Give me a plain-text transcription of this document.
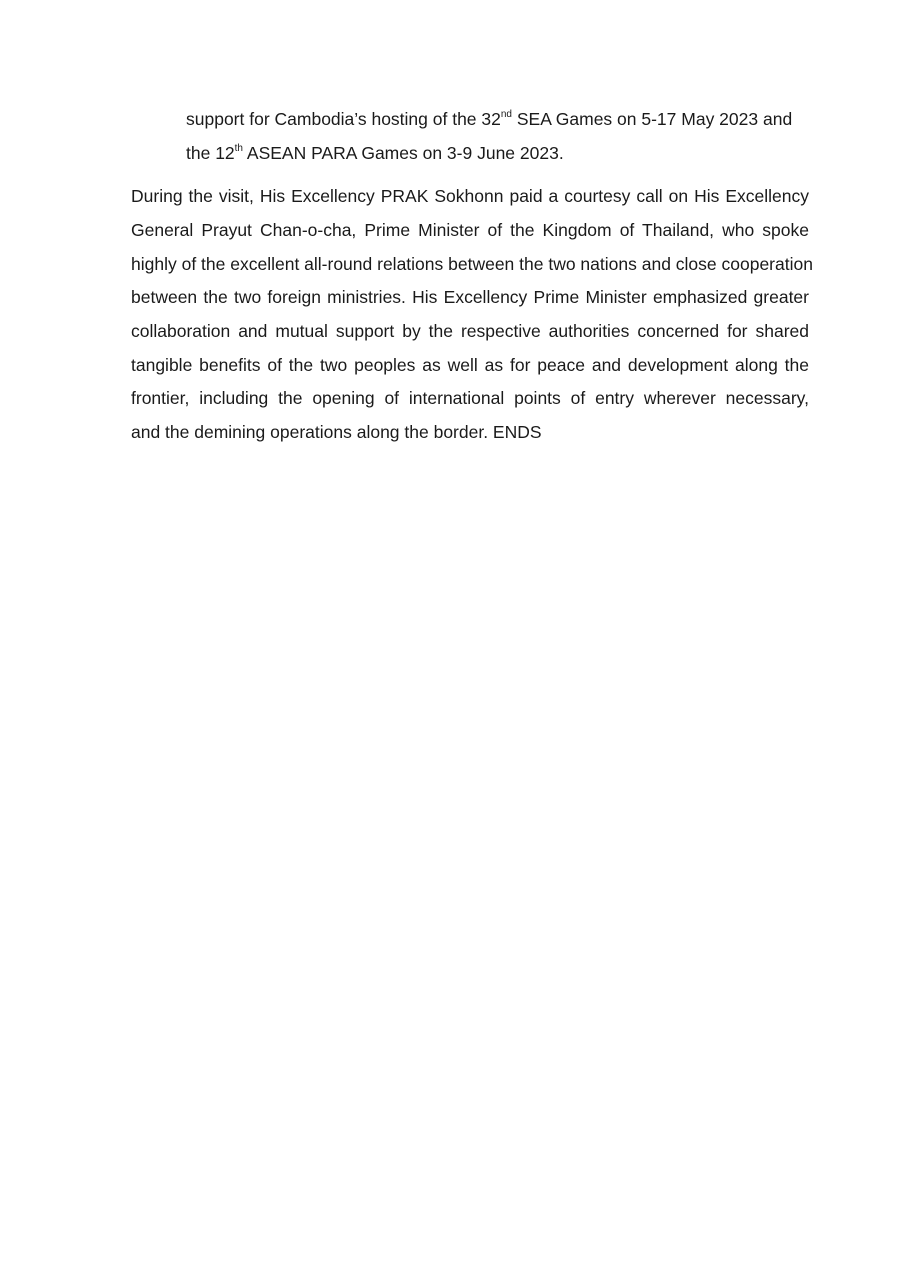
support for Cambodia’s hosting of the 32nd SEA Games on 5-17 May 2023 and

the 12th ASEAN PARA Games on 3-9 June 2023.

During the visit, His Excellency PRAK Sokhonn paid a courtesy call on His Excellency

General Prayut Chan-o-cha, Prime Minister of the Kingdom of Thailand, who spoke

highly of the excellent all-round relations between the two nations and close cooperation

between the two foreign ministries. His Excellency Prime Minister emphasized greater

collaboration and mutual support by the respective authorities concerned for shared

tangible benefits of the two peoples as well as for peace and development along the

frontier, including the opening of international points of entry wherever necessary,

and the demining operations along the border. ENDS
